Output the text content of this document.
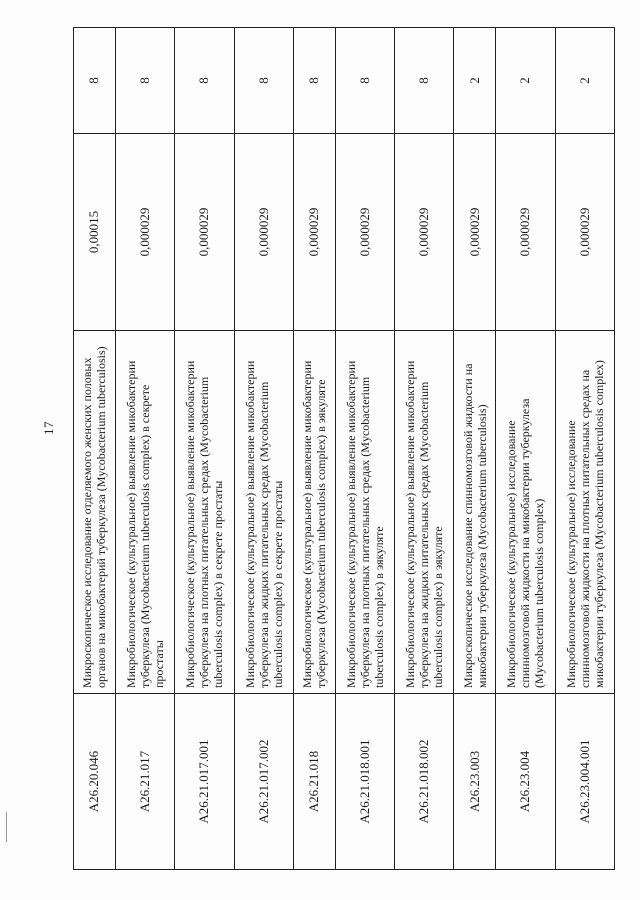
17
A26.20.046	Микроскопическое исследование отделяемого женских половых органов на микобактерий туберкулеза (Mycobacterium tuberculosis)	0,00015	8
A26.21.017	Микробиологическое (культуральное) выявление микобактерии туберкулеза (Mycobacterium tuberculosis complex) в секрете простаты	0,000029	8
A26.21.017.001	Микробиологическое (культуральное) выявление микобактерии туберкулеза на плотных питательных средах (Mycobacterium tuberculosis complex) в секрете простаты	0,000029	8
A26.21.017.002	Микробиологическое (культуральное) выявление микобактерии туберкулеза на жидких питательных средах (Mycobacterium tuberculosis complex) в секрете простаты	0,000029	8
A26.21.018	Микробиологическое (культуральное) выявление микобактерии туберкулеза (Mycobacterium tuberculosis complex) в эякуляте	0,000029	8
A26.21.018.001	Микробиологическое (культуральное) выявление микобактерии туберкулеза на плотных питательных средах (Mycobacterium tuberculosis complex) в эякуляте	0,000029	8
A26.21.018.002	Микробиологическое (культуральное) выявление микобактерии туберкулеза на жидких питательных средах (Mycobacterium tuberculosis complex) в эякуляте	0,000029	8
A26.23.003	Микроскопическое исследование спинномозговой жидкости на микобактерии туберкулеза (Mycobacterium tuberculosis)	0,000029	2
A26.23.004	Микробиологическое (культуральное) исследование спинномозговой жидкости на микобактерии туберкулеза (Mycobacterium tuberculosis complex)	0,000029	2
A26.23.004.001	Микробиологическое (культуральное) исследование спинномозговой жидкости на плотных питательных средах на микобактерии туберкулеза (Mycobacterium tuberculosis complex)	0,000029	2
